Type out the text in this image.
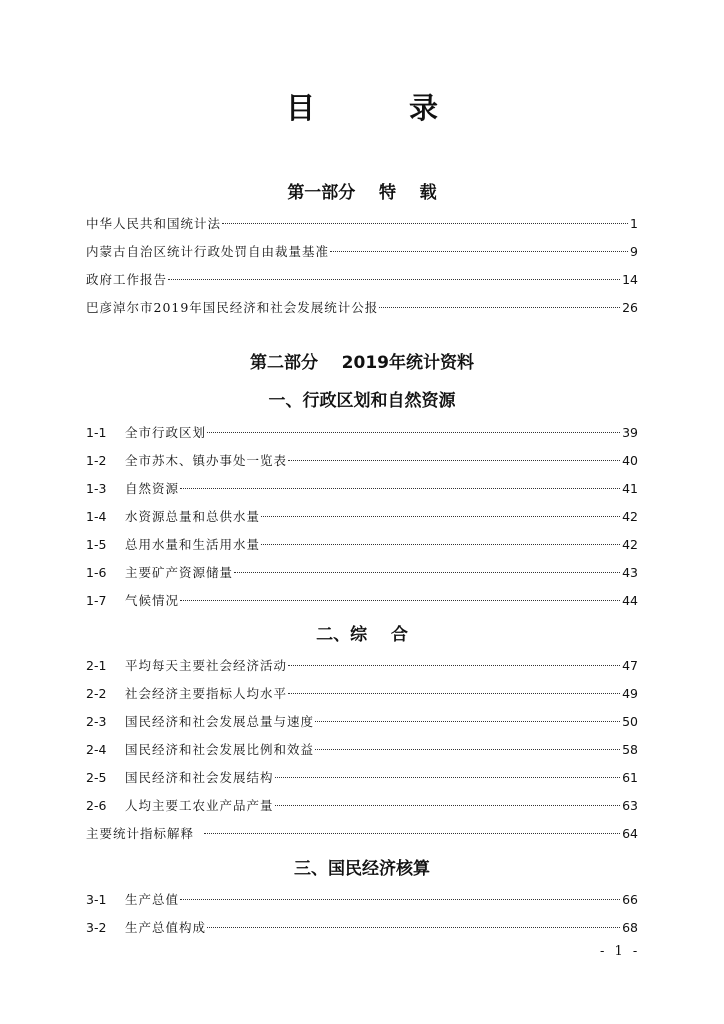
目 录
第一部分    特    载
中华人民共和国统计法	1
内蒙古自治区统计行政处罚自由裁量基准	9
政府工作报告	14
巴彦淖尔市2019年国民经济和社会发展统计公报	26
第二部分    2019年统计资料
一、行政区划和自然资源
1-1	全市行政区划	39
1-2	全市苏木、镇办事处一览表	40
1-3	自然资源	41
1-4	水资源总量和总供水量	42
1-5	总用水量和生活用水量	42
1-6	主要矿产资源储量	43
1-7	气候情况	44
二、综    合
2-1	平均每天主要社会经济活动	47
2-2	社会经济主要指标人均水平	49
2-3	国民经济和社会发展总量与速度	50
2-4	国民经济和社会发展比例和效益	58
2-5	国民经济和社会发展结构	61
2-6	人均主要工农业产品产量	63
主要统计指标解释	64
三、国民经济核算
3-1	生产总值	66
3-2	生产总值构成	68
- 1 -
